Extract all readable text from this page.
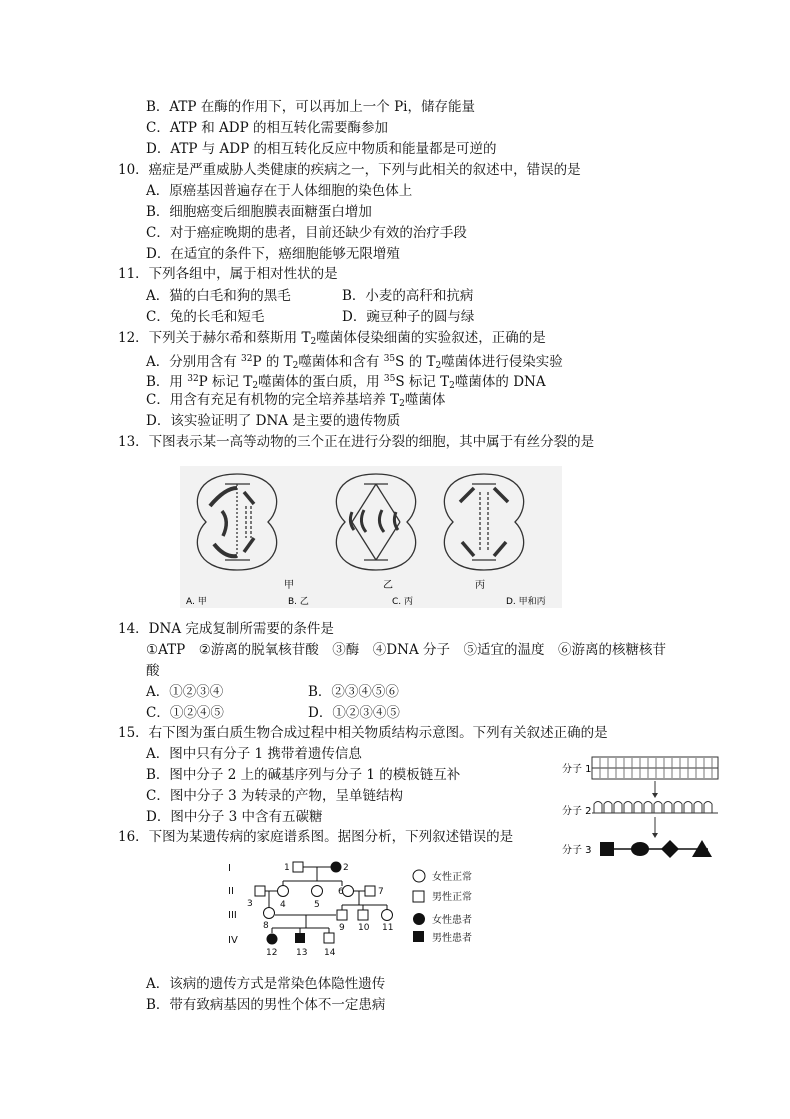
B．ATP 在酶的作用下，可以再加上一个 Pi，储存能量
C．ATP 和 ADP 的相互转化需要酶参加
D．ATP 与 ADP 的相互转化反应中物质和能量都是可逆的
10．癌症是严重威胁人类健康的疾病之一，下列与此相关的叙述中，错误的是
A．原癌基因普遍存在于人体细胞的染色体上
B．细胞癌变后细胞膜表面糖蛋白增加
C．对于癌症晚期的患者，目前还缺少有效的治疗手段
D．在适宜的条件下，癌细胞能够无限增殖
11．下列各组中，属于相对性状的是
A．猫的白毛和狗的黑毛	B．小麦的高秆和抗病
C．兔的长毛和短毛	D．豌豆种子的圆与绿
12．下列关于赫尔希和蔡斯用 $T_2$噬菌体侵染细菌的实验叙述，正确的是
A．分别用含有 $^{32}$P 的 $T_2$噬菌体和含有 $^{35}$S 的 $T_2$噬菌体进行侵染实验
B．用 $^{32}$P 标记 $T_2$噬菌体的蛋白质，用 $^{35}$S 标记 $T_2$噬菌体的 DNA
C．用含有充足有机物的完全培养基培养 $T_2$噬菌体
D．该实验证明了 DNA 是主要的遗传物质
13．下图表示某一高等动物的三个正在进行分裂的细胞，其中属于有丝分裂的是
甲	乙	丙
A. 甲	B. 乙	C. 丙	D. 甲和丙
14．DNA 完成复制所需要的条件是
①ATP　②游离的脱氧核苷酸　③酶　④DNA 分子　⑤适宜的温度　⑥游离的核糖核苷
酸
A．①②③④	B．②③④⑤⑥
C．①②④⑤	D．①②③④⑤
15．右下图为蛋白质生物合成过程中相关物质结构示意图。下列有关叙述正确的是
A．图中只有分子 1 携带着遗传信息
B．图中分子 2 上的碱基序列与分子 1 的模板链互补
C．图中分子 3 为转录的产物，呈单链结构
D．图中分子 3 中含有五碳糖
分子 1
分子 2
分子 3
16．下图为某遗传病的家庭谱系图。据图分析，下列叙述错误的是
I
II
III
IV
1	2
3	4	5
6	7
8	9 10 11
12 13 14
女性正常
男性正常
女性患者
男性患者
A．该病的遗传方式是常染色体隐性遗传
B．带有致病基因的男性个体不一定患病
